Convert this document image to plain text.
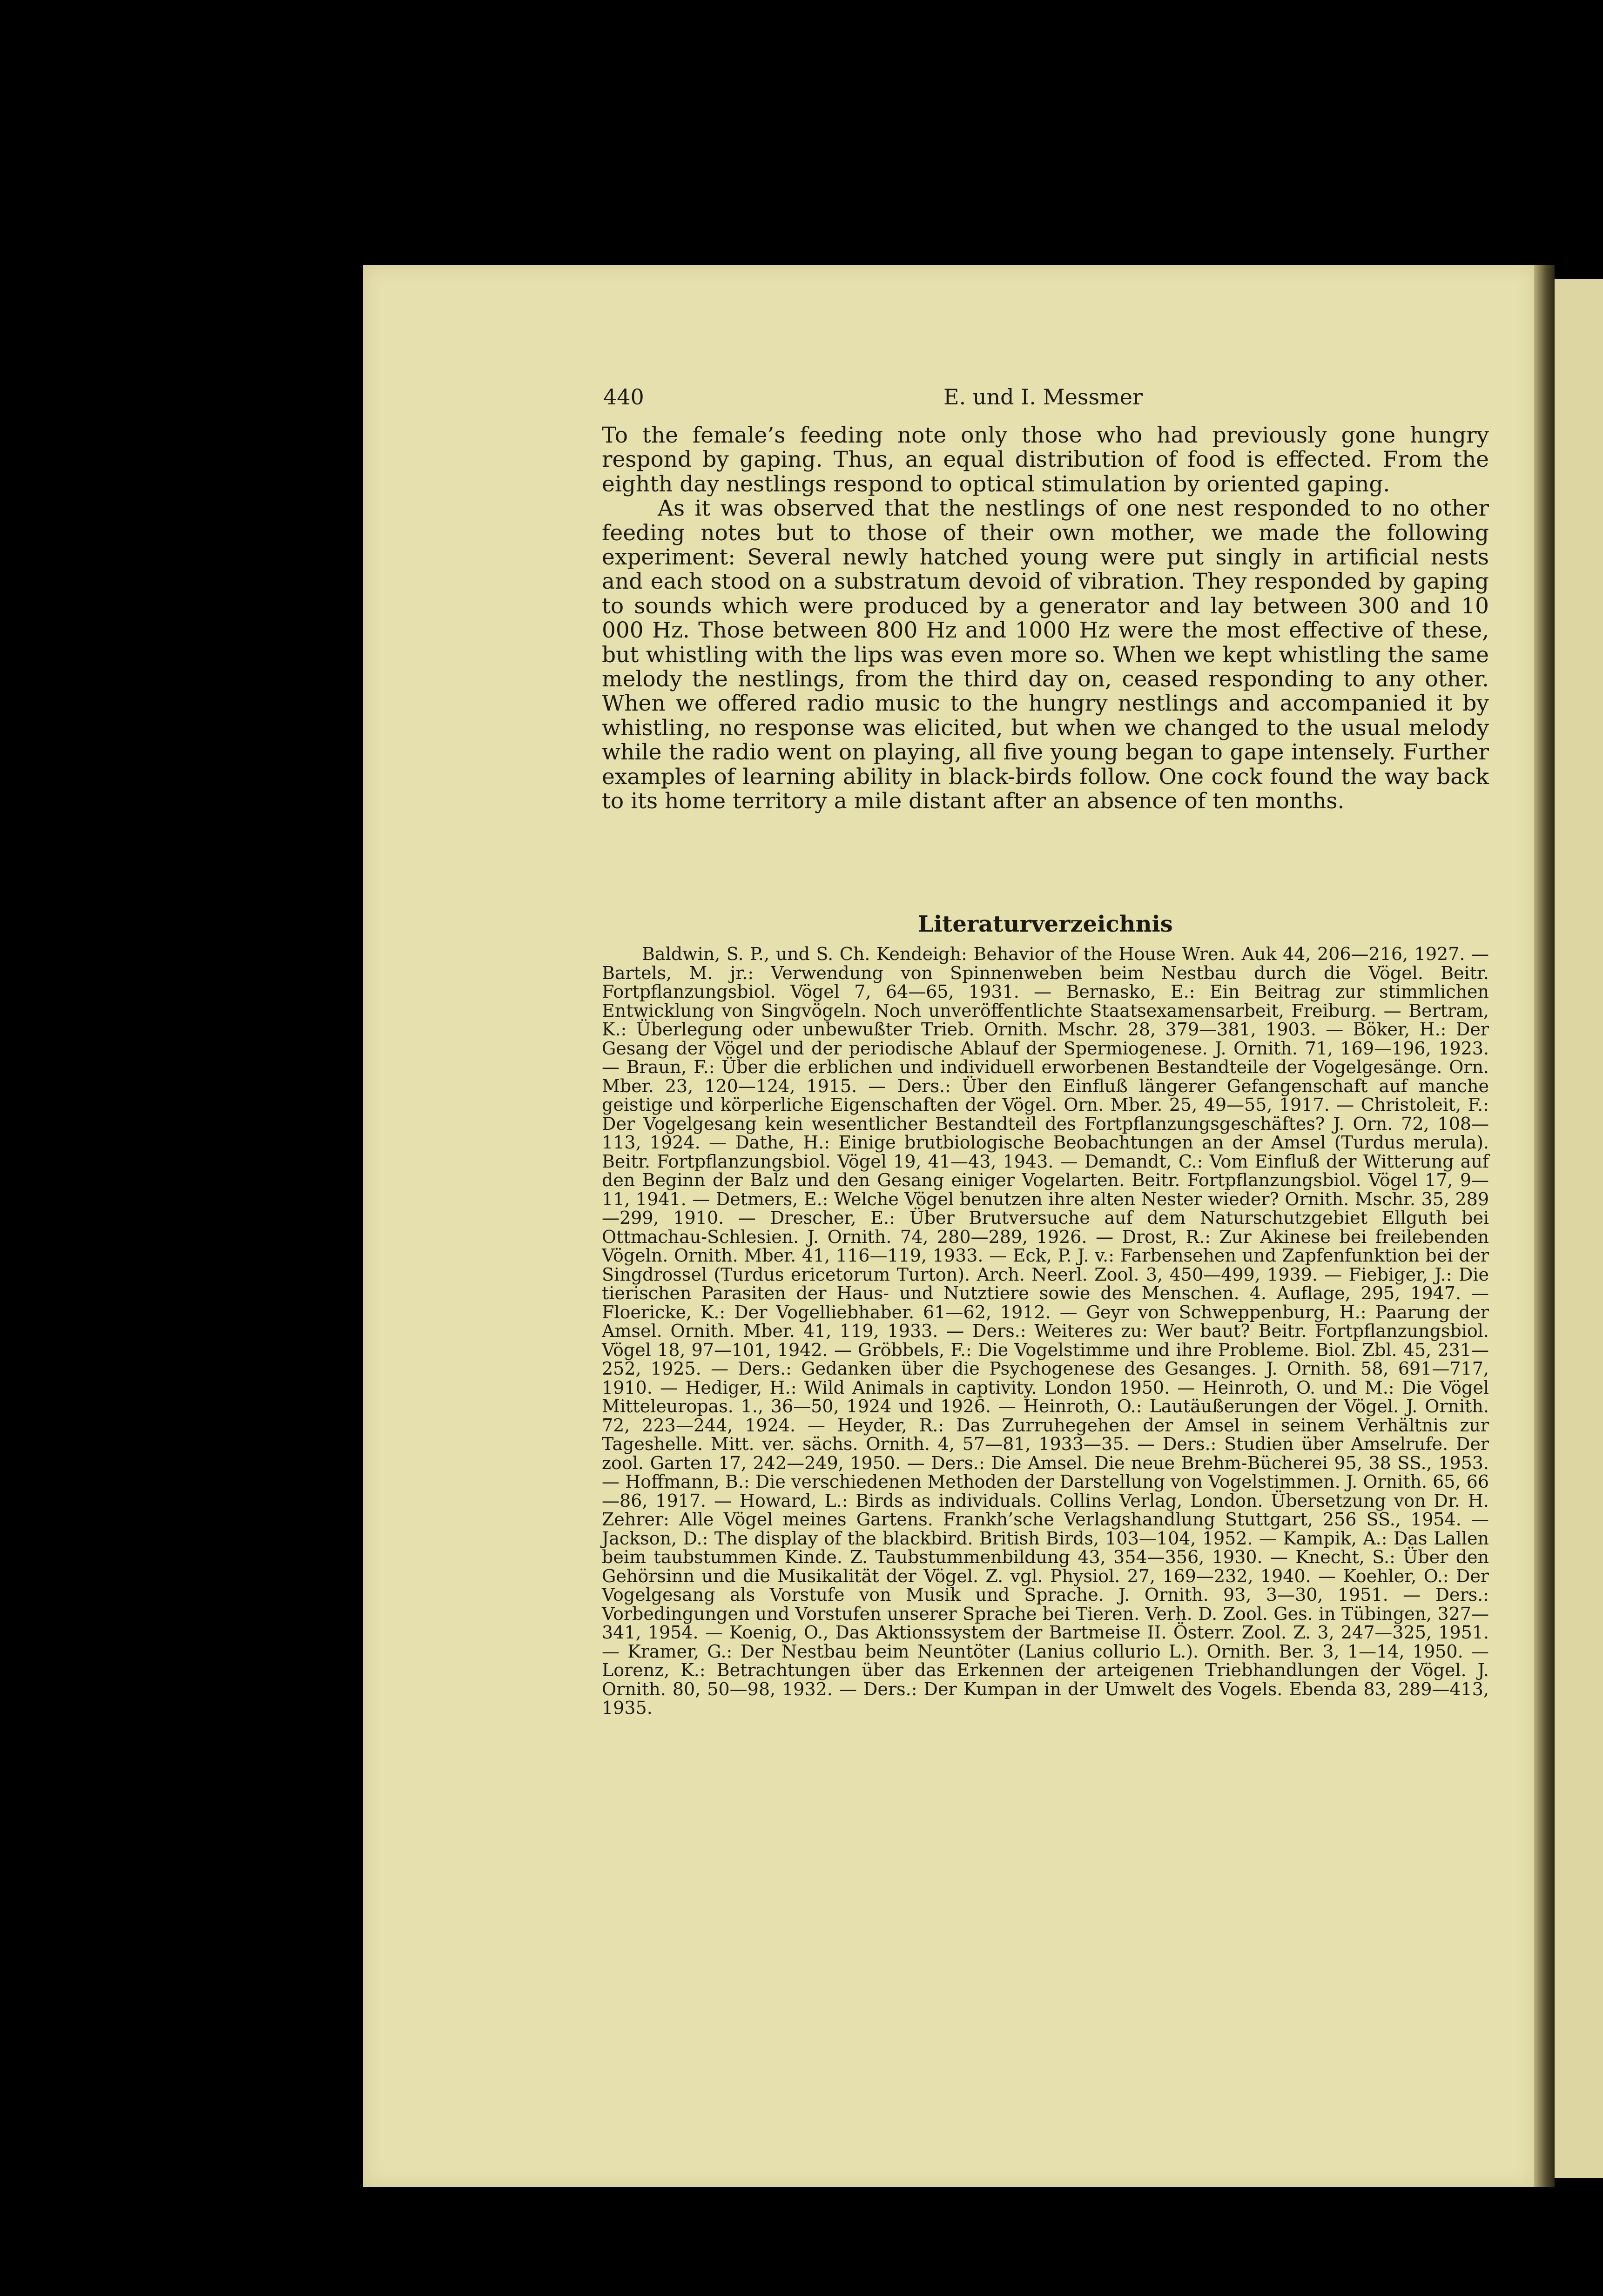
440	E. und I. Messmer

To the female’s feeding note only those who had previously gone hungry respond by gaping. Thus, an equal distribution of food is effected. From the eighth day nestlings respond to optical stimulation by oriented gaping.

As it was observed that the nestlings of one nest responded to no other feeding notes but to those of their own mother, we made the following experiment: Several newly hatched young were put singly in artificial nests and each stood on a substratum devoid of vibration. They responded by gaping to sounds which were produced by a generator and lay between 300 and 10 000 Hz. Those between 800 Hz and 1000 Hz were the most effective of these, but whistling with the lips was even more so. When we kept whistling the same melody the nestlings, from the third day on, ceased responding to any other. When we offered radio music to the hungry nestlings and accompanied it by whistling, no response was elicited, but when we changed to the usual melody while the radio went on playing, all five young began to gape intensely. Further examples of learning ability in black-birds follow. One cock found the way back to its home territory a mile distant after an absence of ten months.

Literaturverzeichnis

Baldwin, S. P., und S. Ch. Kendeigh: Behavior of the House Wren. Auk 44, 206—216, 1927. — Bartels, M. jr.: Verwendung von Spinnenweben beim Nestbau durch die Vögel. Beitr. Fortpflanzungsbiol. Vögel 7, 64—65, 1931. — Bernasko, E.: Ein Beitrag zur stimmlichen Entwicklung von Singvögeln. Noch unveröffentlichte Staatsexamensarbeit, Freiburg. — Bertram, K.: Überlegung oder unbewußter Trieb. Ornith. Mschr. 28, 379—381, 1903. — Böker, H.: Der Gesang der Vögel und der periodische Ablauf der Spermiogenese. J. Ornith. 71, 169—196, 1923. — Braun, F.: Über die erblichen und individuell erworbenen Bestandteile der Vogelgesänge. Orn. Mber. 23, 120—124, 1915. — Ders.: Über den Einfluß längerer Gefangenschaft auf manche geistige und körperliche Eigenschaften der Vögel. Orn. Mber. 25, 49—55, 1917. — Christoleit, F.: Der Vogelgesang kein wesentlicher Bestandteil des Fortpflanzungsgeschäftes? J. Orn. 72, 108—113, 1924. — Dathe, H.: Einige brutbiologische Beobachtungen an der Amsel (Turdus merula). Beitr. Fortpflanzungsbiol. Vögel 19, 41—43, 1943. — Demandt, C.: Vom Einfluß der Witterung auf den Beginn der Balz und den Gesang einiger Vogelarten. Beitr. Fortpflanzungsbiol. Vögel 17, 9—11, 1941. — Detmers, E.: Welche Vögel benutzen ihre alten Nester wieder? Ornith. Mschr. 35, 289—299, 1910. — Drescher, E.: Über Brutversuche auf dem Naturschutzgebiet Ellguth bei Ottmachau-Schlesien. J. Ornith. 74, 280—289, 1926. — Drost, R.: Zur Akinese bei freilebenden Vögeln. Ornith. Mber. 41, 116—119, 1933. — Eck, P. J. v.: Farbensehen und Zapfenfunktion bei der Singdrossel (Turdus ericetorum Turton). Arch. Neerl. Zool. 3, 450—499, 1939. — Fiebiger, J.: Die tierischen Parasiten der Haus- und Nutztiere sowie des Menschen. 4. Auflage, 295, 1947. — Floericke, K.: Der Vogelliebhaber. 61—62, 1912. — Geyr von Schweppenburg, H.: Paarung der Amsel. Ornith. Mber. 41, 119, 1933. — Ders.: Weiteres zu: Wer baut? Beitr. Fortpflanzungsbiol. Vögel 18, 97—101, 1942. — Gröbbels, F.: Die Vogelstimme und ihre Probleme. Biol. Zbl. 45, 231—252, 1925. — Ders.: Gedanken über die Psychogenese des Gesanges. J. Ornith. 58, 691—717, 1910. — Hediger, H.: Wild Animals in captivity. London 1950. — Heinroth, O. und M.: Die Vögel Mitteleuropas. 1., 36—50, 1924 und 1926. — Heinroth, O.: Lautäußerungen der Vögel. J. Ornith. 72, 223—244, 1924. — Heyder, R.: Das Zurruhegehen der Amsel in seinem Verhältnis zur Tageshelle. Mitt. ver. sächs. Ornith. 4, 57—81, 1933—35. — Ders.: Studien über Amselrufe. Der zool. Garten 17, 242—249, 1950. — Ders.: Die Amsel. Die neue Brehm-Bücherei 95, 38 SS., 1953. — Hoffmann, B.: Die verschiedenen Methoden der Darstellung von Vogelstimmen. J. Ornith. 65, 66—86, 1917. — Howard, L.: Birds as individuals. Collins Verlag, London. Übersetzung von Dr. H. Zehrer: Alle Vögel meines Gartens. Frankh’sche Verlagshandlung Stuttgart, 256 SS., 1954. — Jackson, D.: The display of the blackbird. British Birds, 103—104, 1952. — Kampik, A.: Das Lallen beim taubstummen Kinde. Z. Taubstummenbildung 43, 354—356, 1930. — Knecht, S.: Über den Gehörsinn und die Musikalität der Vögel. Z. vgl. Physiol. 27, 169—232, 1940. — Koehler, O.: Der Vogelgesang als Vorstufe von Musik und Sprache. J. Ornith. 93, 3—30, 1951. — Ders.: Vorbedingungen und Vorstufen unserer Sprache bei Tieren. Verh. D. Zool. Ges. in Tübingen, 327—341, 1954. — Koenig, O., Das Aktionssystem der Bartmeise II. Österr. Zool. Z. 3, 247—325, 1951. — Kramer, G.: Der Nestbau beim Neuntöter (Lanius collurio L.). Ornith. Ber. 3, 1—14, 1950. — Lorenz, K.: Betrachtungen über das Erkennen der arteigenen Triebhandlungen der Vögel. J. Ornith. 80, 50—98, 1932. — Ders.: Der Kumpan in der Umwelt des Vogels. Ebenda 83, 289—413, 1935.
